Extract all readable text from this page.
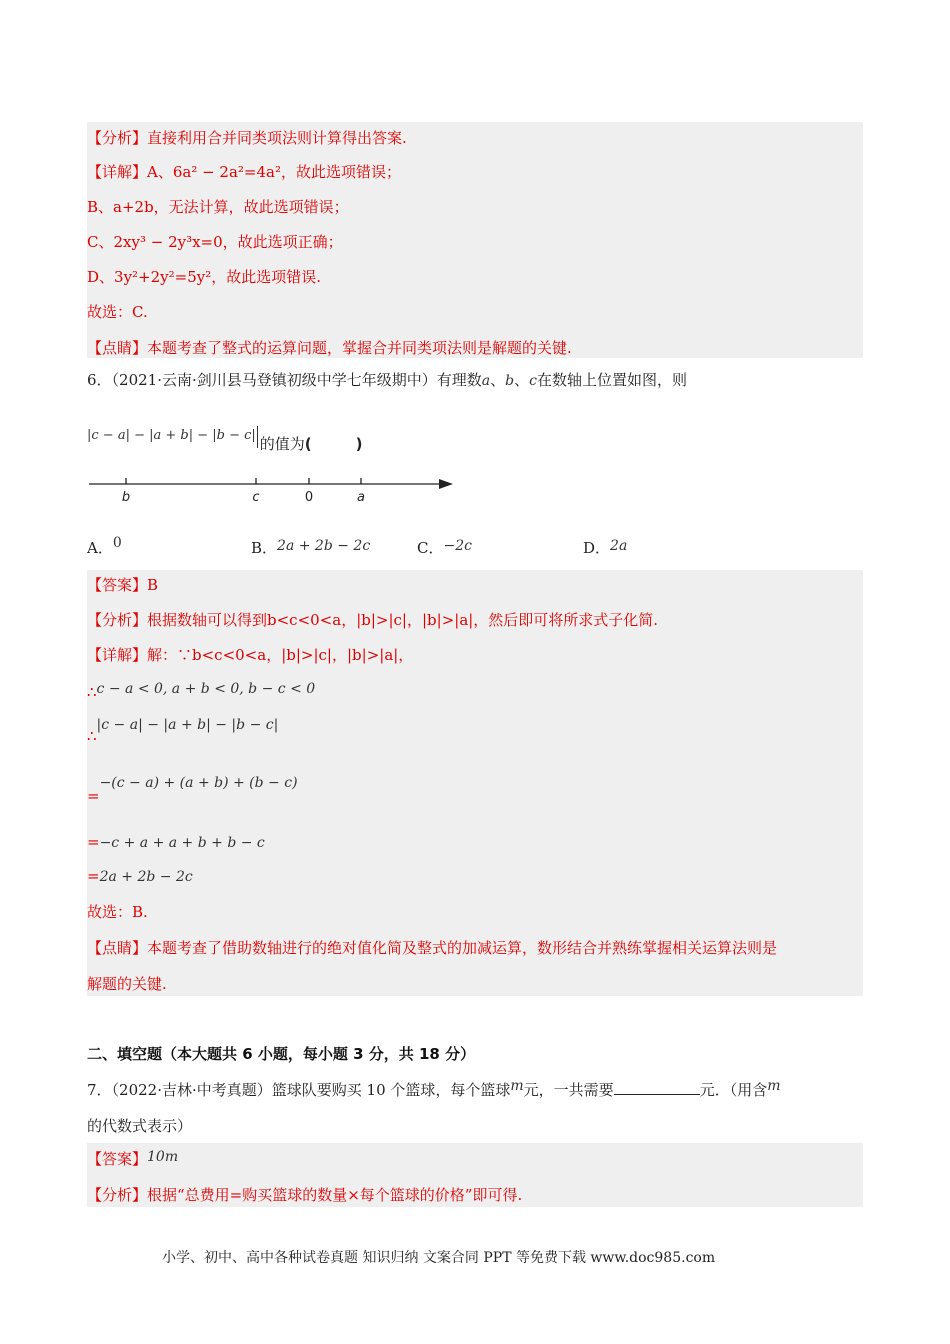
【分析】直接利用合并同类项法则计算得出答案.
【详解】A、6a² − 2a²=4a²，故此选项错误；
B、a+2b，无法计算，故此选项错误；
C、2xy³ − 2y³x=0，故此选项正确；
D、3y²+2y²=5y²，故此选项错误.
故选：C.
【点睛】本题考查了整式的运算问题，掌握合并同类项法则是解题的关键.
6．（2021·云南·剑川县马登镇初级中学七年级期中）有理数a、b、c在数轴上位置如图，则
|c − a| − |a + b| − |b − c| 的值为(	)
b	c	0	a
A．0	B．2a + 2b − 2c	C．−2c	D．2a
【答案】B
【分析】根据数轴可以得到b<c<0<a，|b|>|c|，|b|>|a|，然后即可将所求式子化简.
【详解】解：∵b<c<0<a，|b|>|c|，|b|>|a|，
∴c − a < 0, a + b < 0, b − c < 0
∴|c − a| − |a + b| − |b − c|
=−(c − a) + (a + b) + (b − c)
=−c + a + a + b + b − c
=2a + 2b − 2c
故选：B.
【点睛】本题考查了借助数轴进行的绝对值化简及整式的加减运算，数形结合并熟练掌握相关运算法则是
解题的关键.
二、填空题（本大题共 6 小题，每小题 3 分，共 18 分）
7．（2022·吉林·中考真题）篮球队要购买 10 个篮球，每个篮球m元，一共需要	元．（用含m
的代数式表示）
【答案】10m
【分析】根据“总费用=购买篮球的数量×每个篮球的价格”即可得.
小学、初中、高中各种试卷真题 知识归纳 文案合同 PPT 等免费下载 www.doc985.com
